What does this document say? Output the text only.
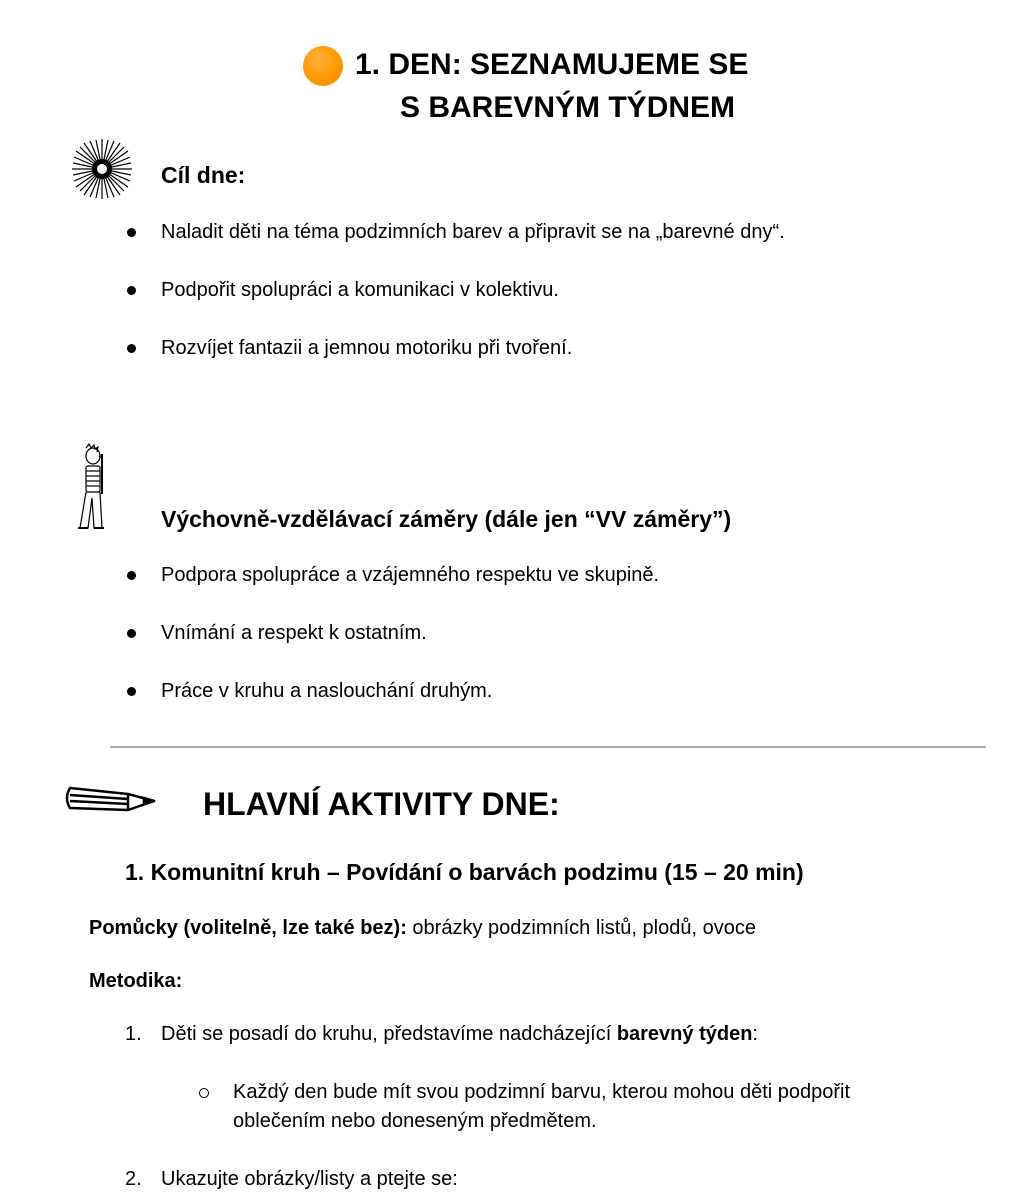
1. DEN: SEZNAMUJEME SE
S BAREVNÝM TÝDNEM
Cíl dne:
Naladit děti na téma podzimních barev a připravit se na „barevné dny“.
Podpořit spolupráci a komunikaci v kolektivu.
Rozvíjet fantazii a jemnou motoriku při tvoření.
Výchovně-vzdělávací záměry (dále jen “VV záměry”)
Podpora spolupráce a vzájemného respektu ve skupině.
Vnímání a respekt k ostatním.
Práce v kruhu a naslouchání druhým.
HLAVNÍ AKTIVITY DNE:
1. Komunitní kruh – Povídání o barvách podzimu (15 – 20 min)
Pomůcky (volitelně, lze také bez): obrázky podzimních listů, plodů, ovoce
Metodika:
1. Děti se posadí do kruhu, představíme nadcházející barevný týden:
Každý den bude mít svou podzimní barvu, kterou mohou děti podpořit
oblečením nebo doneseným předmětem.
2. Ukazujte obrázky/listy a ptejte se:
